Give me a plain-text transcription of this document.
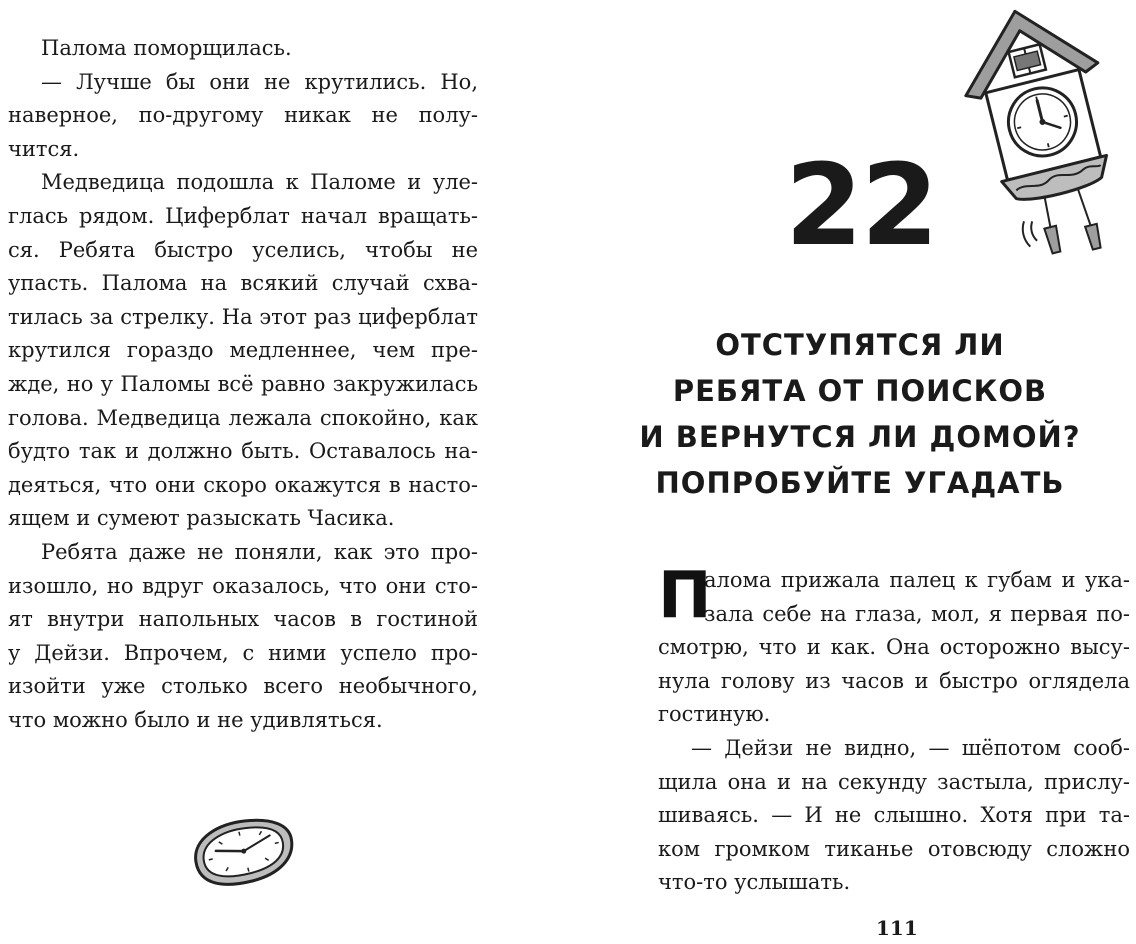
Палома поморщилась.
— Лучше бы они не крутились. Но,
наверное, по-другому никак не полу-
чится.
Медведица подошла к Паломе и уле-
глась рядом. Циферблат начал вращать-
ся. Ребята быстро уселись, чтобы не
упасть. Палома на всякий случай схва-
тилась за стрелку. На этот раз циферблат
крутился гораздо медленнее, чем пре-
жде, но у Паломы всё равно закружилась
голова. Медведица лежала спокойно, как
будто так и должно быть. Оставалось на-
деяться, что они скоро окажутся в насто-
ящем и сумеют разыскать Часика.
Ребята даже не поняли, как это про-
изошло, но вдруг оказалось, что они сто-
ят внутри напольных часов в гостиной
у Дейзи. Впрочем, с ними успело про-
изойти уже столько всего необычного,
что можно было и не удивляться.
22
ОТСТУПЯТСЯ ЛИ
РЕБЯТА ОТ ПОИСКОВ
И ВЕРНУТСЯ ЛИ ДОМОЙ?
ПОПРОБУЙТЕ УГАДАТЬ
П
алома прижала палец к губам и ука-
зала себе на глаза, мол, я первая по-
смотрю, что и как. Она осторожно высу-
нула голову из часов и быстро оглядела
гостиную.
— Дейзи не видно, — шёпотом сооб-
щила она и на секунду застыла, прислу-
шиваясь. — И не слышно. Хотя при та-
ком громком тиканье отовсюду сложно
что-то услышать.
111
